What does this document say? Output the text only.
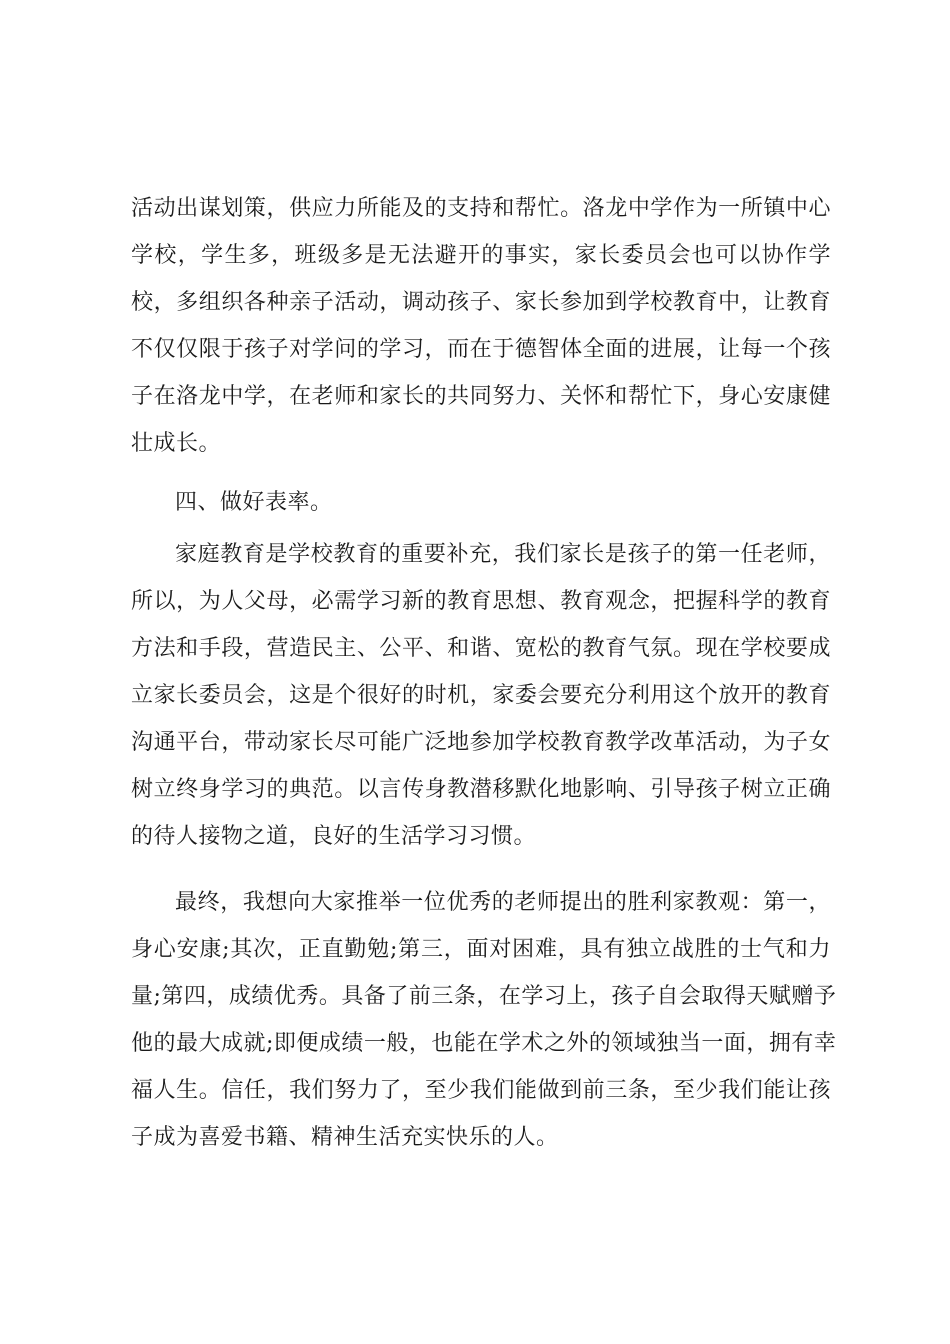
活动出谋划策，供应力所能及的支持和帮忙。洛龙中学作为一所镇中心
学校，学生多，班级多是无法避开的事实，家长委员会也可以协作学
校，多组织各种亲子活动，调动孩子、家长参加到学校教育中，让教育
不仅仅限于孩子对学问的学习，而在于德智体全面的进展，让每一个孩
子在洛龙中学，在老师和家长的共同努力、关怀和帮忙下，身心安康健
壮成长。
四、做好表率。
家庭教育是学校教育的重要补充，我们家长是孩子的第一任老师，
所以，为人父母，必需学习新的教育思想、教育观念，把握科学的教育
方法和手段，营造民主、公平、和谐、宽松的教育气氛。现在学校要成
立家长委员会，这是个很好的时机，家委会要充分利用这个放开的教育
沟通平台，带动家长尽可能广泛地参加学校教育教学改革活动，为子女
树立终身学习的典范。以言传身教潜移默化地影响、引导孩子树立正确
的待人接物之道，良好的生活学习习惯。
最终，我想向大家推举一位优秀的老师提出的胜利家教观：第一，
身心安康;其次，正直勤勉;第三，面对困难，具有独立战胜的士气和力
量;第四，成绩优秀。具备了前三条，在学习上，孩子自会取得天赋赠予
他的最大成就;即便成绩一般，也能在学术之外的领域独当一面，拥有幸
福人生。信任，我们努力了，至少我们能做到前三条，至少我们能让孩
子成为喜爱书籍、精神生活充实快乐的人。
